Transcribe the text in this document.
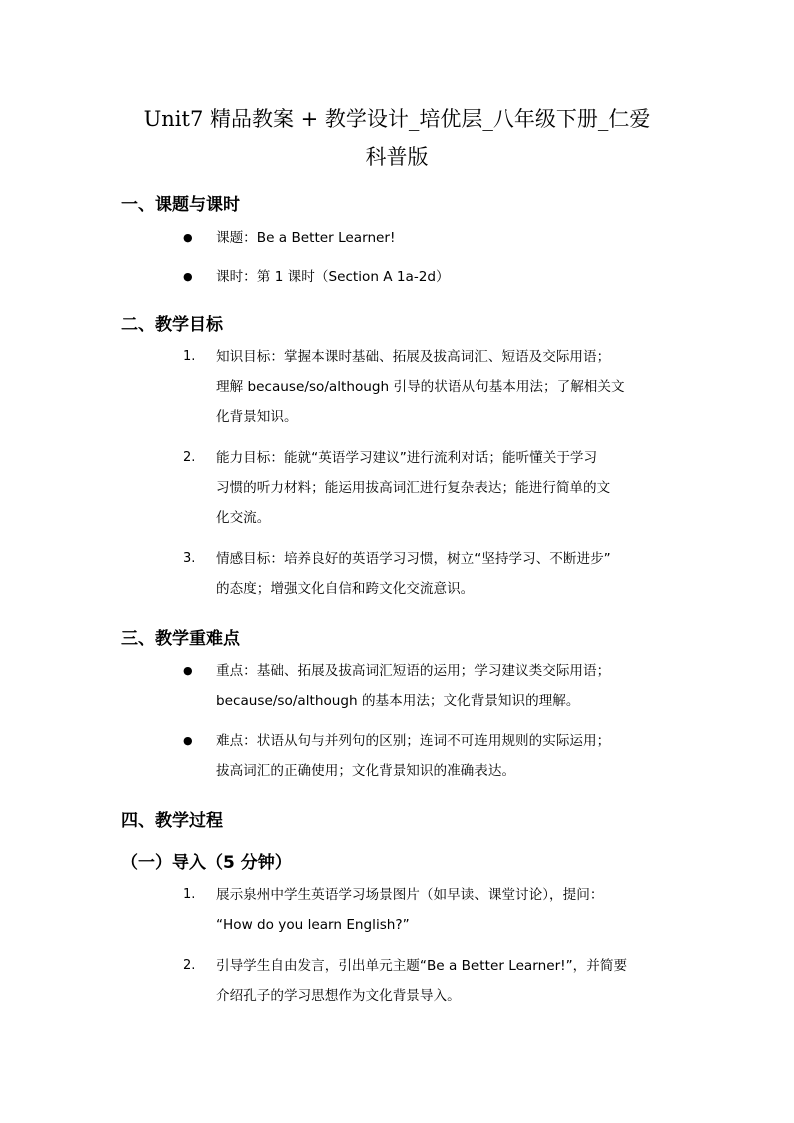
Unit7 精品教案 + 教学设计_培优层_八年级下册_仁爱
科普版
一、课题与课时
●	课题：Be a Better Learner!
●	课时：第 1 课时（Section A 1a-2d）
二、教学目标
1.	知识目标：掌握本课时基础、拓展及拔高词汇、短语及交际用语；
理解 because/so/although 引导的状语从句基本用法；了解相关文
化背景知识。
2.	能力目标：能就“英语学习建议”进行流利对话；能听懂关于学习
习惯的听力材料；能运用拔高词汇进行复杂表达；能进行简单的文
化交流。
3.	情感目标：培养良好的英语学习习惯，树立“坚持学习、不断进步”
的态度；增强文化自信和跨文化交流意识。
三、教学重难点
●	重点：基础、拓展及拔高词汇短语的运用；学习建议类交际用语；
because/so/although 的基本用法；文化背景知识的理解。
●	难点：状语从句与并列句的区别；连词不可连用规则的实际运用；
拔高词汇的正确使用；文化背景知识的准确表达。
四、教学过程
（一）导入（5 分钟）
1.	展示泉州中学生英语学习场景图片（如早读、课堂讨论），提问：
“How do you learn English?”
2.	引导学生自由发言，引出单元主题“Be a Better Learner!”，并简要
介绍孔子的学习思想作为文化背景导入。
